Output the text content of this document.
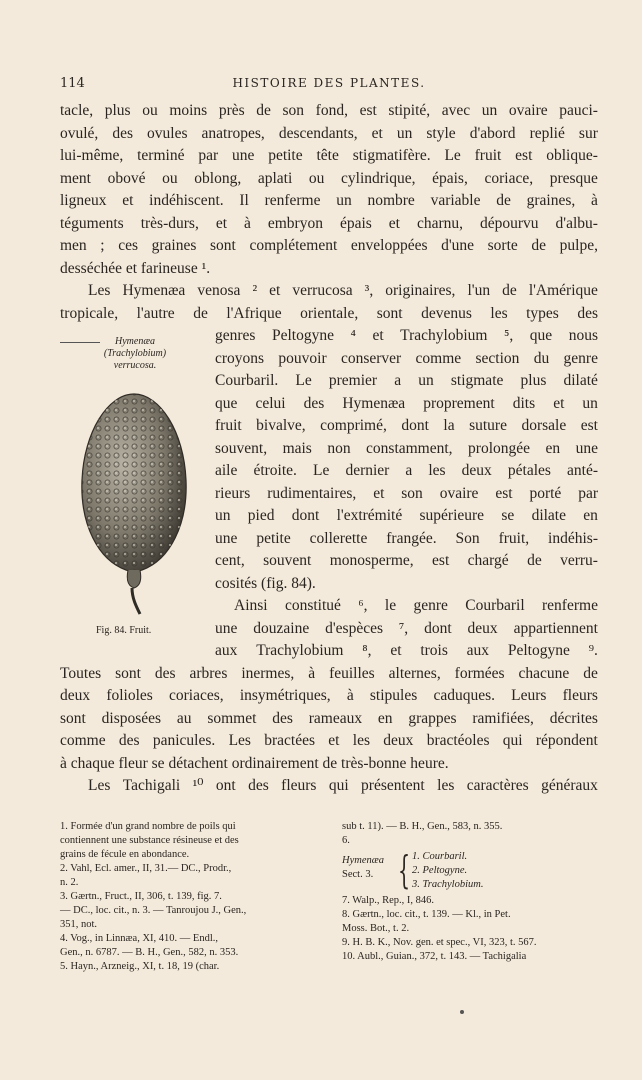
114	HISTOIRE DES PLANTES.
tacle, plus ou moins près de son fond, est stipité, avec un ovaire pauci-
ovulé, des ovules anatropes, descendants, et un style d'abord replié sur
lui-même, terminé par une petite tête stigmatifère. Le fruit est oblique-
ment obové ou oblong, aplati ou cylindrique, épais, coriace, presque
ligneux et indéhiscent. Il renferme un nombre variable de graines, à
téguments très-durs, et à embryon épais et charnu, dépourvu d'albu-
men ; ces graines sont complétement enveloppées d'une sorte de pulpe,
desséchée et farineuse ¹.
Les Hymenæa venosa ² et verrucosa ³, originaires, l'un de l'Amérique
tropicale, l'autre de l'Afrique orientale, sont devenus les types des
genres Peltogyne ⁴ et Trachylobium ⁵, que nous
croyons pouvoir conserver comme section du genre
Courbaril. Le premier a un stigmate plus dilaté
que celui des Hymenæa proprement dits et un
fruit bivalve, comprimé, dont la suture dorsale est
souvent, mais non constamment, prolongée en une
aile étroite. Le dernier a les deux pétales anté-
rieurs rudimentaires, et son ovaire est porté par
un pied dont l'extrémité supérieure se dilate en
une petite collerette frangée. Son fruit, indéhis-
cent, souvent monosperme, est chargé de verru-
cosités (fig. 84).
Ainsi constitué ⁶, le genre Courbaril renferme
une douzaine d'espèces ⁷, dont deux appartiennent
aux Trachylobium ⁸, et trois aux Peltogyne ⁹.
Toutes sont des arbres inermes, à feuilles alternes, formées chacune de
deux folioles coriaces, insymétriques, à stipules caduques. Leurs fleurs
sont disposées au sommet des rameaux en grappes ramifiées, décrites
comme des panicules. Les bractées et les deux bractéoles qui répondent
à chaque fleur se détachent ordinairement de très-bonne heure.
Les Tachigali ¹⁰ ont des fleurs qui présentent les caractères généraux
Hymenæa
(Trachylobium)
verrucosa.
Fig. 84. Fruit.
1. Formée d'un grand nombre de poils qui
contiennent une substance résineuse et des
grains de fécule en abondance.
2. Vahl, Ecl. amer., II, 31.— DC., Prodr.,
n. 2.
3. Gærtn., Fruct., II, 306, t. 139, fig. 7.
— DC., loc. cit., n. 3. — Tanroujou J., Gen.,
351, not.
4. Vog., in Linnæa, XI, 410. — Endl.,
Gen., n. 6787. — B. H., Gen., 582, n. 353.
5. Hayn., Arzneig., XI, t. 18, 19 (char.
sub t. 11). — B. H., Gen., 583, n. 355.
6.
Hymenæa
Sect. 3. { 1. Courbaril.
2. Peltogyne.
3. Trachylobium.
7. Walp., Rep., I, 846.
8. Gærtn., loc. cit., t. 139. — Kl., in Pet.
Moss. Bot., t. 2.
9. H. B. K., Nov. gen. et spec., VI, 323, t. 567.
10. Aubl., Guian., 372, t. 143. — Tachigalia
